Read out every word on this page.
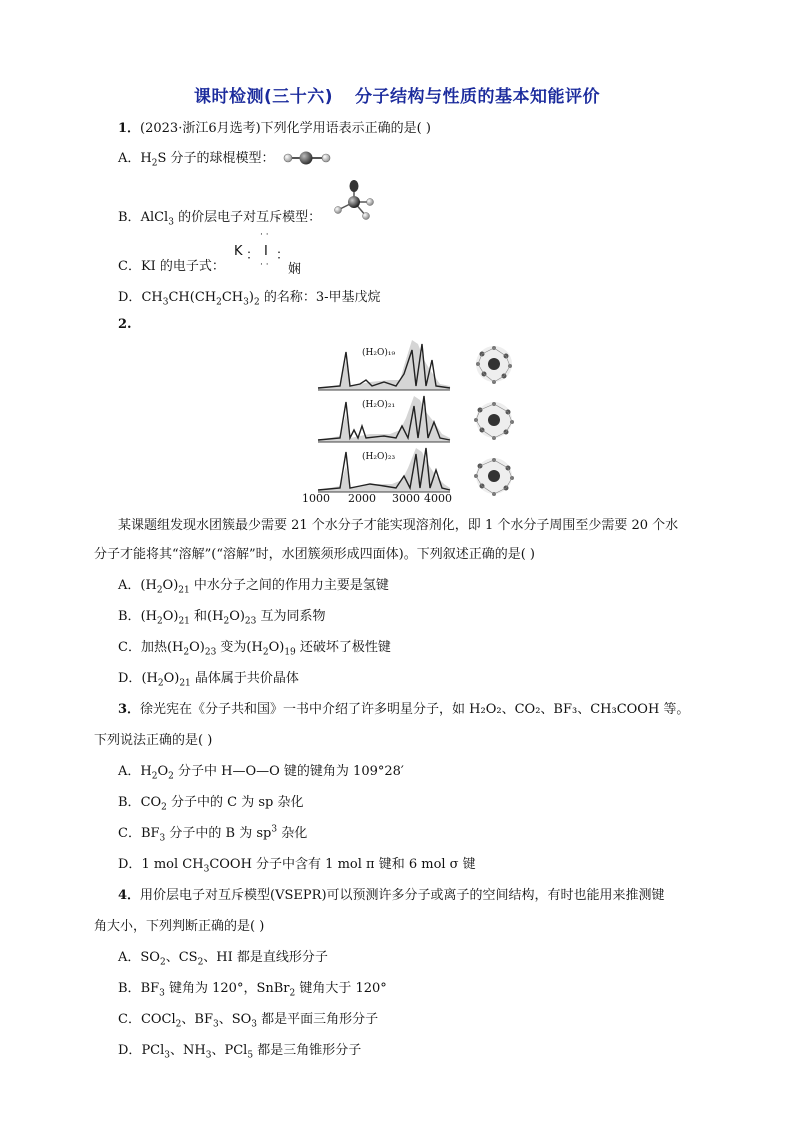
课时检测(三十六) 分子结构与性质的基本知能评价
1．(2023·浙江6月选考)下列化学用语表示正确的是( )
A．$H_2S$ 分子的球棍模型：
B．AlCl$_3$ 的价层电子对互斥模型：
C．KI 的电子式：
K ： I ：
· ·
· · 娴
D．$CH_3CH(CH_2CH_3)_2$ 的名称：3-甲基戊烷
2.
(H₂O)₁₉
(H₂O)₂₁
(H₂O)₂₃
1000 2000 3000 4000
某课题组发现水团簇最少需要 21 个水分子才能实现溶剂化，即 1 个水分子周围至少需要 20 个水
分子才能将其“溶解”(“溶解”时，水团簇须形成四面体)。下列叙述正确的是( )
A．$(H_2O)_{21}$ 中水分子之间的作用力主要是氢键
B．$(H_2O)_{21}$ 和$(H_2O)_{23}$ 互为同系物
C．加热$(H_2O)_{23}$ 变为$(H_2O)_{19}$ 还破坏了极性键
D．$(H_2O)_{21}$ 晶体属于共价晶体
3．徐光宪在《分子共和国》一书中介绍了许多明星分子，如 H₂O₂、CO₂、BF₃、CH₃COOH 等。
下列说法正确的是( )
A．$H_2O_2$ 分子中 H—O—O 键的键角为 109°28′
B．$CO_2$ 分子中的 C 为 sp 杂化
C．$BF_3$ 分子中的 B 为 $sp^3$ 杂化
D．1 mol $CH_3COOH$ 分子中含有 1 mol π 键和 6 mol σ 键
4．用价层电子对互斥模型(VSEPR)可以预测许多分子或离子的空间结构，有时也能用来推测键
角大小，下列判断正确的是( )
A．$SO_2$、$CS_2$、HI 都是直线形分子
B．$BF_3$ 键角为 120°，SnBr$_2$ 键角大于 120°
C．COCl$_2$、$BF_3$、$SO_3$ 都是平面三角形分子
D．PCl$_3$、$NH_3$、PCl$_5$ 都是三角锥形分子
